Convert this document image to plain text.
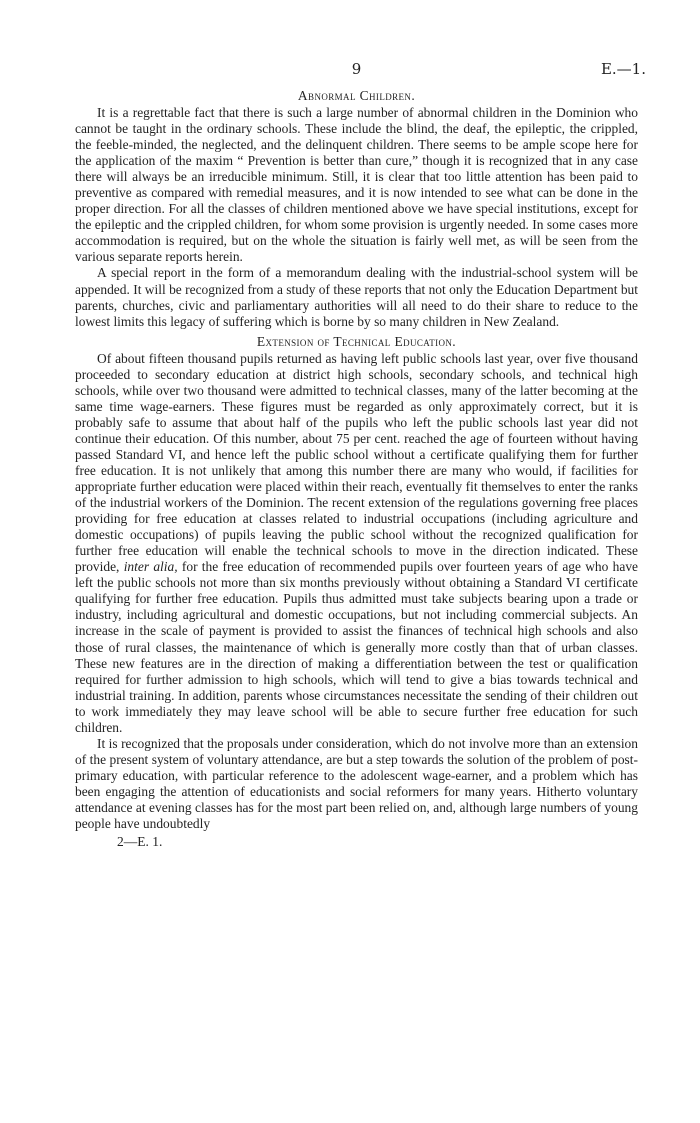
9	E.—1.
Abnormal Children.

It is a regrettable fact that there is such a large number of abnormal children in the Dominion who cannot be taught in the ordinary schools. These include the blind, the deaf, the epileptic, the crippled, the feeble-minded, the neglected, and the delinquent children. There seems to be ample scope here for the application of the maxim “ Prevention is better than cure,” though it is recognized that in any case there will always be an irreducible minimum. Still, it is clear that too little attention has been paid to preventive as compared with remedial measures, and it is now intended to see what can be done in the proper direction. For all the classes of children mentioned above we have special institutions, except for the epileptic and the crippled children, for whom some provision is urgently needed. In some cases more accommodation is required, but on the whole the situation is fairly well met, as will be seen from the various separate reports herein.

A special report in the form of a memorandum dealing with the industrial-school system will be appended. It will be recognized from a study of these reports that not only the Education Department but parents, churches, civic and parliamentary authorities will all need to do their share to reduce to the lowest limits this legacy of suffering which is borne by so many children in New Zealand.

Extension of Technical Education.

Of about fifteen thousand pupils returned as having left public schools last year, over five thousand proceeded to secondary education at district high schools, secondary schools, and technical high schools, while over two thousand were admitted to technical classes, many of the latter becoming at the same time wage-earners. These figures must be regarded as only approximately correct, but it is probably safe to assume that about half of the pupils who left the public schools last year did not continue their education. Of this number, about 75 per cent. reached the age of fourteen without having passed Standard VI, and hence left the public school without a certificate qualifying them for further free education. It is not unlikely that among this number there are many who would, if facilities for appropriate further education were placed within their reach, eventually fit themselves to enter the ranks of the industrial workers of the Dominion. The recent extension of the regulations governing free places providing for free education at classes related to industrial occupations (including agriculture and domestic occupations) of pupils leaving the public school without the recognized qualification for further free education will enable the technical schools to move in the direction indicated. These provide, inter alia, for the free education of recommended pupils over fourteen years of age who have left the public schools not more than six months previously without obtaining a Standard VI certificate qualifying for further free education. Pupils thus admitted must take subjects bearing upon a trade or industry, including agricultural and domestic occupations, but not including commercial subjects. An increase in the scale of payment is provided to assist the finances of technical high schools and also those of rural classes, the maintenance of which is generally more costly than that of urban classes. These new features are in the direction of making a differentiation between the test or qualification required for further admission to high schools, which will tend to give a bias towards technical and industrial training. In addition, parents whose circumstances necessitate the sending of their children out to work immediately they may leave school will be able to secure further free education for such children.

It is recognized that the proposals under consideration, which do not involve more than an extension of the present system of voluntary attendance, are but a step towards the solution of the problem of post-primary education, with particular reference to the adolescent wage-earner, and a problem which has been engaging the attention of educationists and social reformers for many years. Hitherto voluntary attendance at evening classes has for the most part been relied on, and, although large numbers of young people have undoubtedly

2—E. 1.
